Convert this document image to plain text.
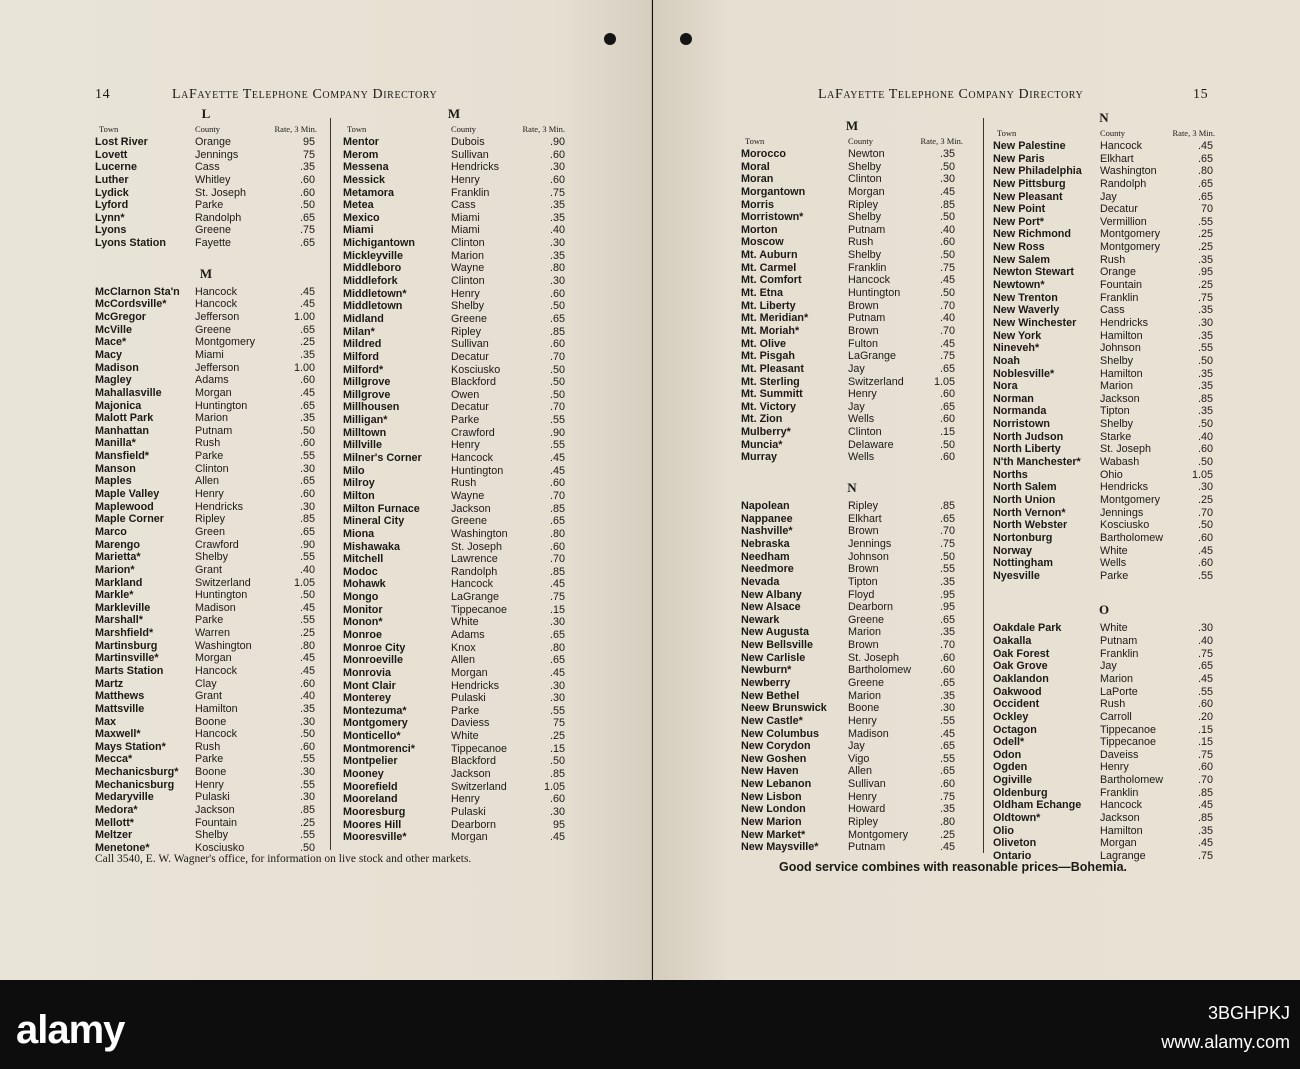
14	LaFayette Telephone Company Directory
Call 3540, E. W. Wagner's office, for information on live stock and other markets.
L
Town	County	Rate, 3 Min.
Lost River	Orange	95
Lovett	Jennings	75
Lucerne	Cass	.35
Luther	Whitley	.60
Lydick	St. Joseph	.60
Lyford	Parke	.50
Lynn*	Randolph	.65
Lyons	Greene	.75
Lyons Station	Fayette	.65
M
McClarnon Sta'n	Hancock	.45
McCordsville*	Hancock	.45
McGregor	Jefferson	1.00
McVille	Greene	.65
Mace*	Montgomery	.25
Macy	Miami	.35
Madison	Jefferson	1.00
Magley	Adams	.60
Mahallasville	Morgan	.45
Majonica	Huntington	.65
Malott Park	Marion	.35
Manhattan	Putnam	.50
Manilla*	Rush	.60
Mansfield*	Parke	.55
Manson	Clinton	.30
Maples	Allen	.65
Maple Valley	Henry	.60
Maplewood	Hendricks	.30
Maple Corner	Ripley	.85
Marco	Green	.65
Marengo	Crawford	.90
Marietta*	Shelby	.55
Marion*	Grant	.40
Markland	Switzerland	1.05
Markle*	Huntington	.50
Markleville	Madison	.45
Marshall*	Parke	.55
Marshfield*	Warren	.25
Martinsburg	Washington	.80
Martinsville*	Morgan	.45
Marts Station	Hancock	.45
Martz	Clay	.60
Matthews	Grant	.40
Mattsville	Hamilton	.35
Max	Boone	.30
Maxwell*	Hancock	.50
Mays Station*	Rush	.60
Mecca*	Parke	.55
Mechanicsburg*	Boone	.30
Mechanicsburg	Henry	.55
Medaryville	Pulaski	.30
Medora*	Jackson	.85
Mellott*	Fountain	.25
Meltzer	Shelby	.55
Menetone*	Kosciusko	.50
M
Town	County	Rate, 3 Min.
Mentor	Dubois	.90
Merom	Sullivan	.60
Messena	Hendricks	.30
Messick	Henry	.60
Metamora	Franklin	.75
Metea	Cass	.35
Mexico	Miami	.35
Miami	Miami	.40
Michigantown	Clinton	.30
Mickleyville	Marion	.35
Middleboro	Wayne	.80
Middlefork	Clinton	.30
Middletown*	Henry	.60
Middletown	Shelby	.50
Midland	Greene	.65
Milan*	Ripley	.85
Mildred	Sullivan	.60
Milford	Decatur	.70
Milford*	Kosciusko	.50
Millgrove	Blackford	.50
Millgrove	Owen	.50
Millhousen	Decatur	.70
Milligan*	Parke	.55
Milltown	Crawford	.90
Millville	Henry	.55
Milner's Corner	Hancock	.45
Milo	Huntington	.45
Milroy	Rush	.60
Milton	Wayne	.70
Milton Furnace	Jackson	.85
Mineral City	Greene	.65
Miona	Washington	.80
Mishawaka	St. Joseph	.60
Mitchell	Lawrence	.70
Modoc	Randolph	.85
Mohawk	Hancock	.45
Mongo	LaGrange	.75
Monitor	Tippecanoe	.15
Monon*	White	.30
Monroe	Adams	.65
Monroe City	Knox	.80
Monroeville	Allen	.65
Monrovia	Morgan	.45
Mont Clair	Hendricks	.30
Monterey	Pulaski	.30
Montezuma*	Parke	.55
Montgomery	Daviess	75
Monticello*	White	.25
Montmorenci*	Tippecanoe	.15
Montpelier	Blackford	.50
Mooney	Jackson	.85
Moorefield	Switzerland	1.05
Mooreland	Henry	.60
Mooresburg	Pulaski	.30
Moores Hill	Dearborn	95
Mooresville*	Morgan	.45
LaFayette Telephone Company Directory	15
Good service combines with reasonable prices—Bohemia.
M
Town	County	Rate, 3 Min.
Morocco	Newton	.35
Moral	Shelby	.50
Moran	Clinton	.30
Morgantown	Morgan	.45
Morris	Ripley	.85
Morristown*	Shelby	.50
Morton	Putnam	.40
Moscow	Rush	.60
Mt. Auburn	Shelby	.50
Mt. Carmel	Franklin	.75
Mt. Comfort	Hancock	.45
Mt. Etna	Huntington	.50
Mt. Liberty	Brown	.70
Mt. Meridian*	Putnam	.40
Mt. Moriah*	Brown	.70
Mt. Olive	Fulton	.45
Mt. Pisgah	LaGrange	.75
Mt. Pleasant	Jay	.65
Mt. Sterling	Switzerland	1.05
Mt. Summitt	Henry	.60
Mt. Victory	Jay	.65
Mt. Zion	Wells	.60
Mulberry*	Clinton	.15
Muncia*	Delaware	.50
Murray	Wells	.60
N
Napolean	Ripley	.85
Nappanee	Elkhart	.65
Nashville*	Brown	.70
Nebraska	Jennings	.75
Needham	Johnson	.50
Needmore	Brown	.55
Nevada	Tipton	.35
New Albany	Floyd	.95
New Alsace	Dearborn	.95
Newark	Greene	.65
New Augusta	Marion	.35
New Bellsville	Brown	.70
New Carlisle	St. Joseph	.60
Newburn*	Bartholomew	.60
Newberry	Greene	.65
New Bethel	Marion	.35
Neew Brunswick	Boone	.30
New Castle*	Henry	.55
New Columbus	Madison	.45
New Corydon	Jay	.65
New Goshen	Vigo	.55
New Haven	Allen	.65
New Lebanon	Sullivan	.60
New Lisbon	Henry	.75
New London	Howard	.35
New Marion	Ripley	.80
New Market*	Montgomery	.25
New Maysville*	Putnam	.45
N
Town	County	Rate, 3 Min.
New Palestine	Hancock	.45
New Paris	Elkhart	.65
New Philadelphia	Washington	.80
New Pittsburg	Randolph	.65
New Pleasant	Jay	.65
New Point	Decatur	70
New Port*	Vermillion	.55
New Richmond	Montgomery	.25
New Ross	Montgomery	.25
New Salem	Rush	.35
Newton Stewart	Orange	.95
Newtown*	Fountain	.25
New Trenton	Franklin	.75
New Waverly	Cass	.35
New Winchester	Hendricks	.30
New York	Hamilton	.35
Nineveh*	Johnson	.55
Noah	Shelby	.50
Noblesville*	Hamilton	.35
Nora	Marion	.35
Norman	Jackson	.85
Normanda	Tipton	.35
Norristown	Shelby	.50
North Judson	Starke	.40
North Liberty	St. Joseph	.60
N'th Manchester*	Wabash	.50
Norths	Ohio	1.05
North Salem	Hendricks	.30
North Union	Montgomery	.25
North Vernon*	Jennings	.70
North Webster	Kosciusko	.50
Nortonburg	Bartholomew	.60
Norway	White	.45
Nottingham	Wells	.60
Nyesville	Parke	.55
O
Oakdale Park	White	.30
Oakalla	Putnam	.40
Oak Forest	Franklin	.75
Oak Grove	Jay	.65
Oaklandon	Marion	.45
Oakwood	LaPorte	.55
Occident	Rush	.60
Ockley	Carroll	.20
Octagon	Tippecanoe	.15
Odell*	Tippecanoe	.15
Odon	Daveiss	.75
Ogden	Henry	.60
Ogiville	Bartholomew	.70
Oldenburg	Franklin	.85
Oldham Echange	Hancock	.45
Oldtown*	Jackson	.85
Olio	Hamilton	.35
Oliveton	Morgan	.45
Ontario	Lagrange	.75
alamy	3BGHPKJ
www.alamy.com
